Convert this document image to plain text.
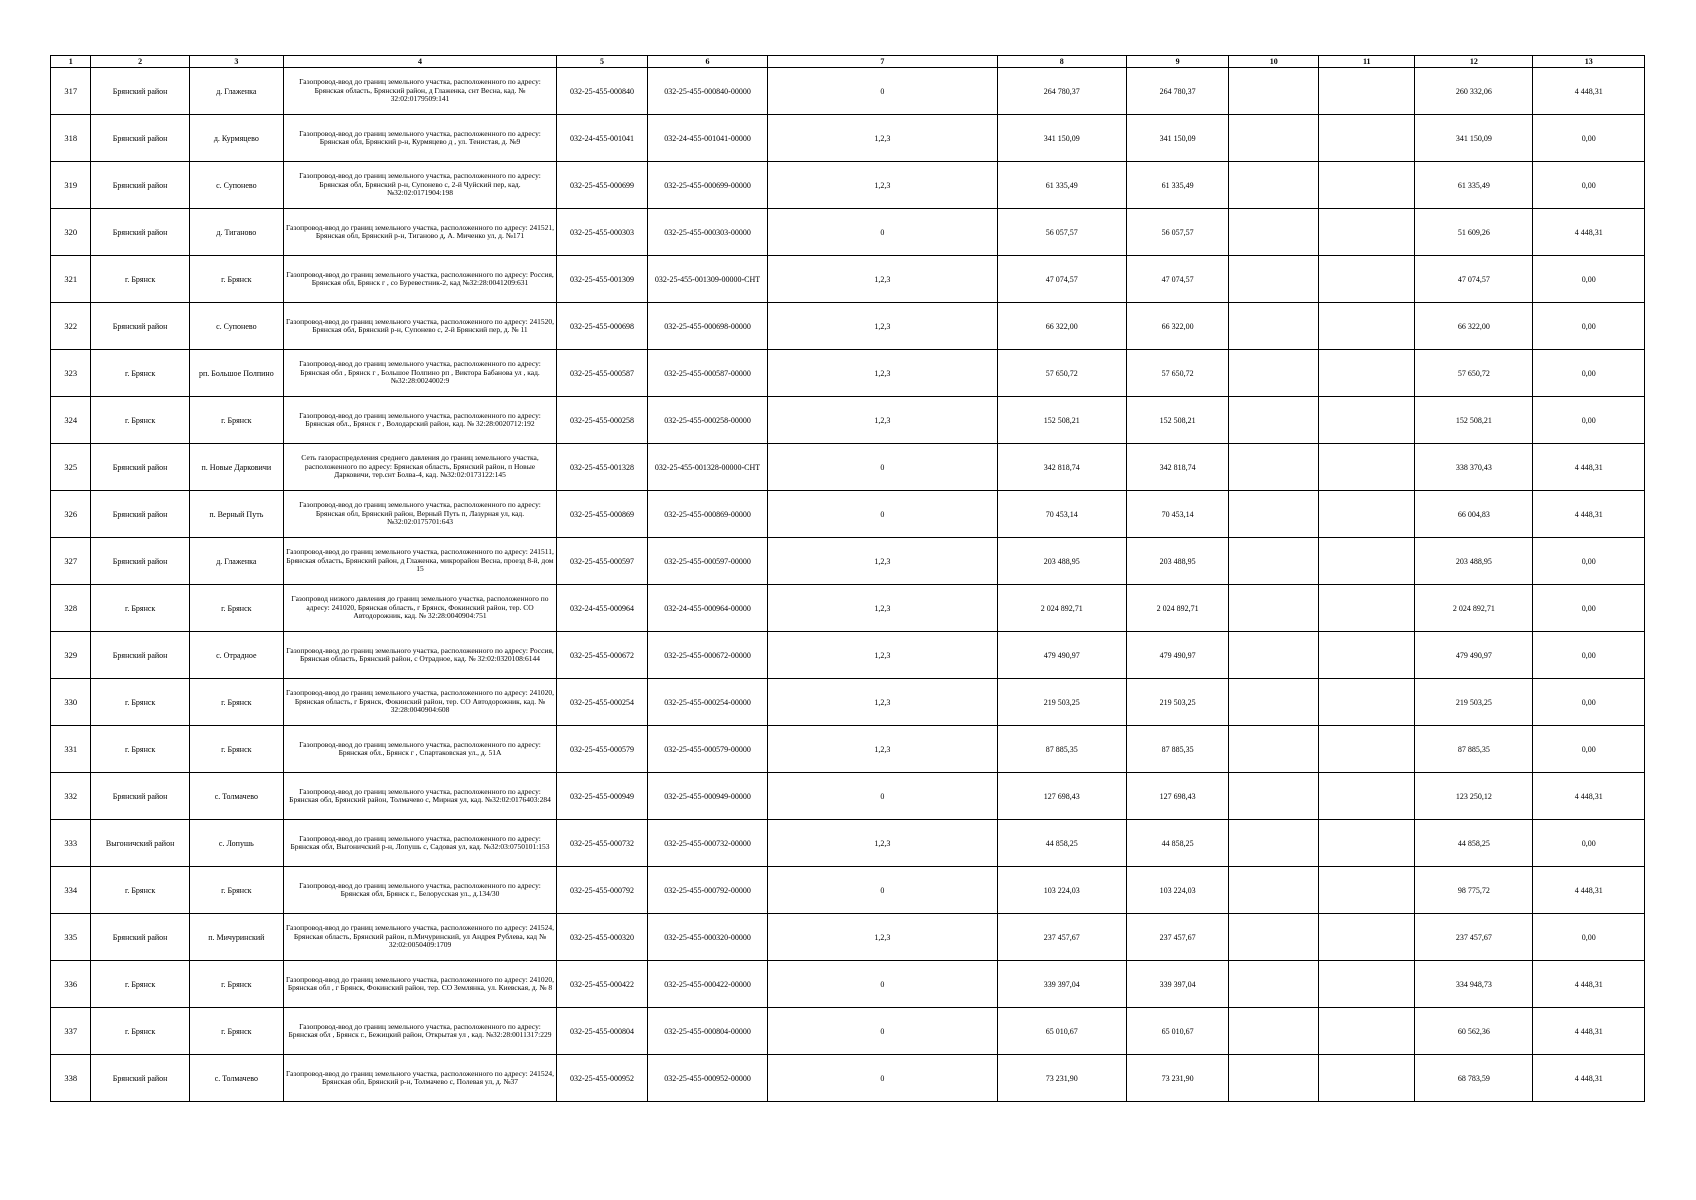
1	2	3	4	5	6	7	8	9	10	11	12	13
317	Брянский район	д. Глаженка	Газопровод-ввод до границ земельного участка, расположенного по адресу: Брянская область, Брянский район, д Глаженка, снт Весна, кад. № 32:02:0179509:141	032-25-455-000840	032-25-455-000840-00000	0	264 780,37	264 780,37			260 332,06	4 448,31
318	Брянский район	д. Курмяцево	Газопровод-ввод до границ земельного участка, расположенного по адресу: Брянская обл, Брянский р-н, Курмяцево д , ул. Тенистая, д. №9	032-24-455-001041	032-24-455-001041-00000	1,2,3	341 150,09	341 150,09			341 150,09	0,00
319	Брянский район	с. Супонево	Газопровод-ввод до границ земельного участка, расположенного по адресу: Брянская обл, Брянский р-н, Супонево с, 2-й Чуйский пер, кад. №32:02:0171904:198	032-25-455-000699	032-25-455-000699-00000	1,2,3	61 335,49	61 335,49			61 335,49	0,00
320	Брянский район	д. Тиганово	Газопровод-ввод до границ земельного участка, расположенного по адресу: 241521, Брянская обл, Брянский р-н, Тиганово д, А. Миченко ул, д. №171	032-25-455-000303	032-25-455-000303-00000	0	56 057,57	56 057,57			51 609,26	4 448,31
321	г. Брянск	г. Брянск	Газопровод-ввод до границ земельного участка, расположенного по адресу: Россия, Брянская обл, Брянск г , со Буревестник-2, кад №32:28:0041209:631	032-25-455-001309	032-25-455-001309-00000-СНТ	1,2,3	47 074,57	47 074,57			47 074,57	0,00
322	Брянский район	с. Супонево	Газопровод-ввод до границ земельного участка, расположенного по адресу: 241520, Брянская обл, Брянский р-н, Супонево с, 2-й Брянский пер, д. № 11	032-25-455-000698	032-25-455-000698-00000	1,2,3	66 322,00	66 322,00			66 322,00	0,00
323	г. Брянск	рп. Большое Полпино	Газопровод-ввод до границ земельного участка, расположенного по адресу: Брянская обл , Брянск г , Большое Полпино рп , Виктора Бабанова ул , кад. №32:28:0024002:9	032-25-455-000587	032-25-455-000587-00000	1,2,3	57 650,72	57 650,72			57 650,72	0,00
324	г. Брянск	г. Брянск	Газопровод-ввод до границ земельного участка, расположенного по адресу: Брянская обл., Брянск г , Володарский район, кад. № 32:28:0020712:192	032-25-455-000258	032-25-455-000258-00000	1,2,3	152 508,21	152 508,21			152 508,21	0,00
325	Брянский район	п. Новые Дарковичи	Сеть газораспределения среднего давления до границ земельного участка, расположенного по адресу: Брянская область, Брянский район, п Новые Дарковичи, тер.снт Болва-4, кад. №32:02:0173122:145	032-25-455-001328	032-25-455-001328-00000-СНТ	0	342 818,74	342 818,74			338 370,43	4 448,31
326	Брянский район	п. Верный Путь	Газопровод-ввод до границ земельного участка, расположенного по адресу: Брянская обл, Брянский район, Верный Путь п, Лазурная ул, кад. №32:02:0175701:643	032-25-455-000869	032-25-455-000869-00000	0	70 453,14	70 453,14			66 004,83	4 448,31
327	Брянский район	д. Глаженка	Газопровод-ввод до границ земельного участка, расположенного по адресу: 241511, Брянская область, Брянский район, д Глаженка, микрорайон Весна, проезд 8-й, дом 15	032-25-455-000597	032-25-455-000597-00000	1,2,3	203 488,95	203 488,95			203 488,95	0,00
328	г. Брянск	г. Брянск	Газопровод низкого давления до границ земельного участка, расположенного по адресу: 241020, Брянская область, г Брянск, Фокинский район, тер. СО Автодорожник, кад. № 32:28:0040904:751	032-24-455-000964	032-24-455-000964-00000	1,2,3	2 024 892,71	2 024 892,71			2 024 892,71	0,00
329	Брянский район	с. Отрадное	Газопровод-ввод до границ земельного участка, расположенного по адресу: Россия, Брянская область, Брянский район, с Отрадное, кад. № 32:02:0320108:6144	032-25-455-000672	032-25-455-000672-00000	1,2,3	479 490,97	479 490,97			479 490,97	0,00
330	г. Брянск	г. Брянск	Газопровод-ввод до границ земельного участка, расположенного по адресу: 241020, Брянская область, г Брянск, Фокинский район, тер. СО Автодорожник, кад. № 32:28:0040904:608	032-25-455-000254	032-25-455-000254-00000	1,2,3	219 503,25	219 503,25			219 503,25	0,00
331	г. Брянск	г. Брянск	Газопровод-ввод до границ земельного участка, расположенного по адресу: Брянская обл., Брянск г , Спартаковская ул., д. 51А	032-25-455-000579	032-25-455-000579-00000	1,2,3	87 885,35	87 885,35			87 885,35	0,00
332	Брянский район	с. Толмачево	Газопровод-ввод до границ земельного участка, расположенного по адресу: Брянская обл, Брянский район, Толмачево с, Мирная ул, кад. №32:02:0176403:284	032-25-455-000949	032-25-455-000949-00000	0	127 698,43	127 698,43			123 250,12	4 448,31
333	Выгоничский район	с. Лопушь	Газопровод-ввод до границ земельного участка, расположенного по адресу: Брянская обл, Выгоничский р-н, Лопушь с, Садовая ул, кад. №32:03:0750101:153	032-25-455-000732	032-25-455-000732-00000	1,2,3	44 858,25	44 858,25			44 858,25	0,00
334	г. Брянск	г. Брянск	Газопровод-ввод до границ земельного участка, расположенного по адресу: Брянская обл, Брянск г., Белорусская ул., д.134/30	032-25-455-000792	032-25-455-000792-00000	0	103 224,03	103 224,03			98 775,72	4 448,31
335	Брянский район	п. Мичуринский	Газопровод-ввод до границ земельного участка, расположенного по адресу: 241524, Брянская область, Брянский район, п.Мичуринский, ул Андрея Рублева, кад № 32:02:0050409:1709	032-25-455-000320	032-25-455-000320-00000	1,2,3	237 457,67	237 457,67			237 457,67	0,00
336	г. Брянск	г. Брянск	Газопровод-ввод до границ земельного участка, расположенного по адресу: 241020, Брянская обл , г Брянск, Фокинский район, тер. СО Землянка, ул. Киевская, д. № 8	032-25-455-000422	032-25-455-000422-00000	0	339 397,04	339 397,04			334 948,73	4 448,31
337	г. Брянск	г. Брянск	Газопровод-ввод до границ земельного участка, расположенного по адресу: Брянская обл , Брянск г., Бежицкий район, Открытая ул , кад. №32:28:0011317:229	032-25-455-000804	032-25-455-000804-00000	0	65 010,67	65 010,67			60 562,36	4 448,31
338	Брянский район	с. Толмачево	Газопровод-ввод до границ земельного участка, расположенного по адресу: 241524, Брянская обл, Брянский р-н, Толмачево с, Полевая ул, д. №37	032-25-455-000952	032-25-455-000952-00000	0	73 231,90	73 231,90			68 783,59	4 448,31
